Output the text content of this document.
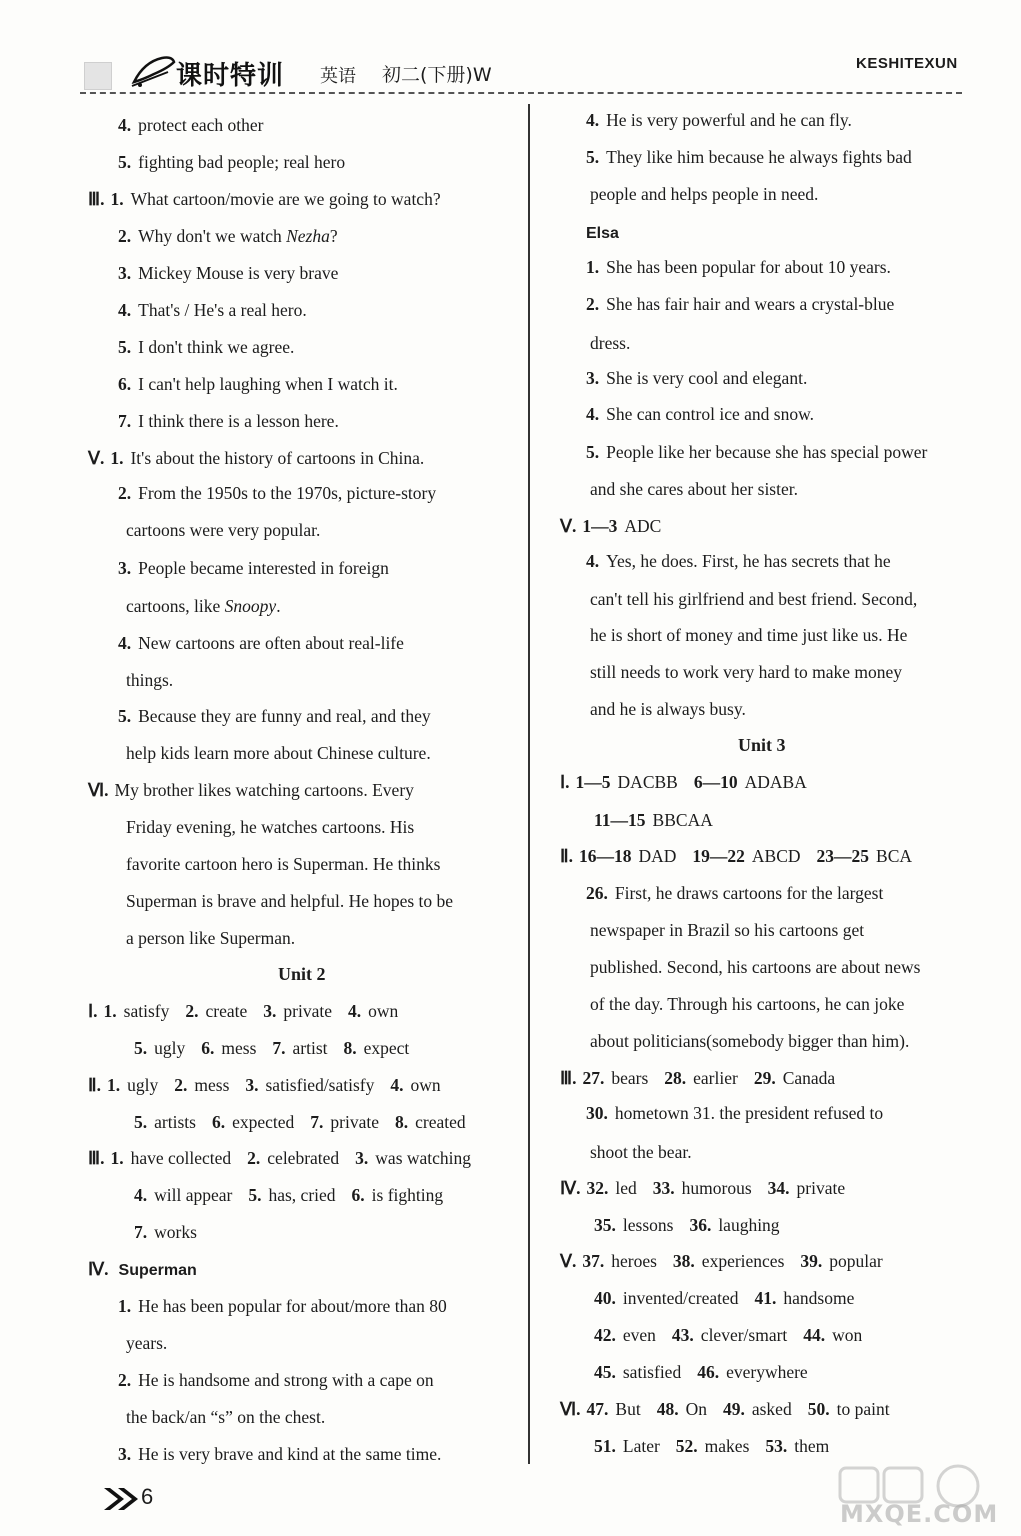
课时特训 英语 初二(下册)W
KESHITEXUN
4. protect each other
5. fighting bad people; real hero
Ⅲ. 1. What cartoon/movie are we going to watch?
2. Why don't we watch Nezha?
3. Mickey Mouse is very brave
4. That's / He's a real hero.
5. I don't think we agree.
6. I can't help laughing when I watch it.
7. I think there is a lesson here.
Ⅴ. 1. It's about the history of cartoons in China.
2. From the 1950s to the 1970s, picture-story
cartoons were very popular.
3. People became interested in foreign
cartoons, like Snoopy.
4. New cartoons are often about real-life
things.
5. Because they are funny and real, and they
help kids learn more about Chinese culture.
Ⅵ. My brother likes watching cartoons. Every
Friday evening, he watches cartoons. His
favorite cartoon hero is Superman. He thinks
Superman is brave and helpful. He hopes to be
a person like Superman.
Unit 2
Ⅰ. 1. satisfy 2. create 3. private 4. own
5. ugly 6. mess 7. artist 8. expect
Ⅱ. 1. ugly 2. mess 3. satisfied/satisfy 4. own
5. artists 6. expected 7. private 8. created
Ⅲ. 1. have collected 2. celebrated 3. was watching
4. will appear 5. has, cried 6. is fighting
7. works
Ⅳ. Superman
1. He has been popular for about/more than 80
years.
2. He is handsome and strong with a cape on
the back/an “s” on the chest.
3. He is very brave and kind at the same time.
4. He is very powerful and he can fly.
5. They like him because he always fights bad
people and helps people in need.
Elsa
1. She has been popular for about 10 years.
2. She has fair hair and wears a crystal-blue
dress.
3. She is very cool and elegant.
4. She can control ice and snow.
5. People like her because she has special power
and she cares about her sister.
Ⅴ. 1—3 ADC
4. Yes, he does. First, he has secrets that he
can't tell his girlfriend and best friend. Second,
he is short of money and time just like us. He
still needs to work very hard to make money
and he is always busy.
Unit 3
Ⅰ. 1—5 DACBB 6—10 ADABA
11—15 BBCAA
Ⅱ. 16—18 DAD 19—22 ABCD 23—25 BCA
26. First, he draws cartoons for the largest
newspaper in Brazil so his cartoons get
published. Second, his cartoons are about news
of the day. Through his cartoons, he can joke
about politicians(somebody bigger than him).
Ⅲ. 27. bears 28. earlier 29. Canada
30. hometown 31. the president refused to
shoot the bear.
Ⅳ. 32. led 33. humorous 34. private
35. lessons 36. laughing
Ⅴ. 37. heroes 38. experiences 39. popular
40. invented/created 41. handsome
42. even 43. clever/smart 44. won
45. satisfied 46. everywhere
Ⅵ. 47. But 48. On 49. asked 50. to paint
51. Later 52. makes 53. them
6
MXQE.COM
